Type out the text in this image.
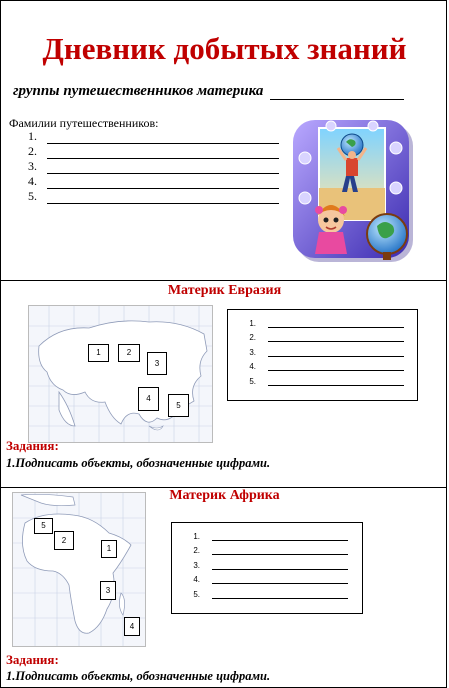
Дневник добытых знаний
группы путешественников материка
Фамилии путешественников:
1.
2.
3.
4.
5.
Материк Евразия
1	2
3
4
5
1.
2.
3.
4.
5.
Задания:
1.Подписать объекты, обозначенные цифрами.
Материк Африка
5
2
1
3
4
1.
2.
3.
4.
5.
Задания:
1.Подписать объекты, обозначенные цифрами.
